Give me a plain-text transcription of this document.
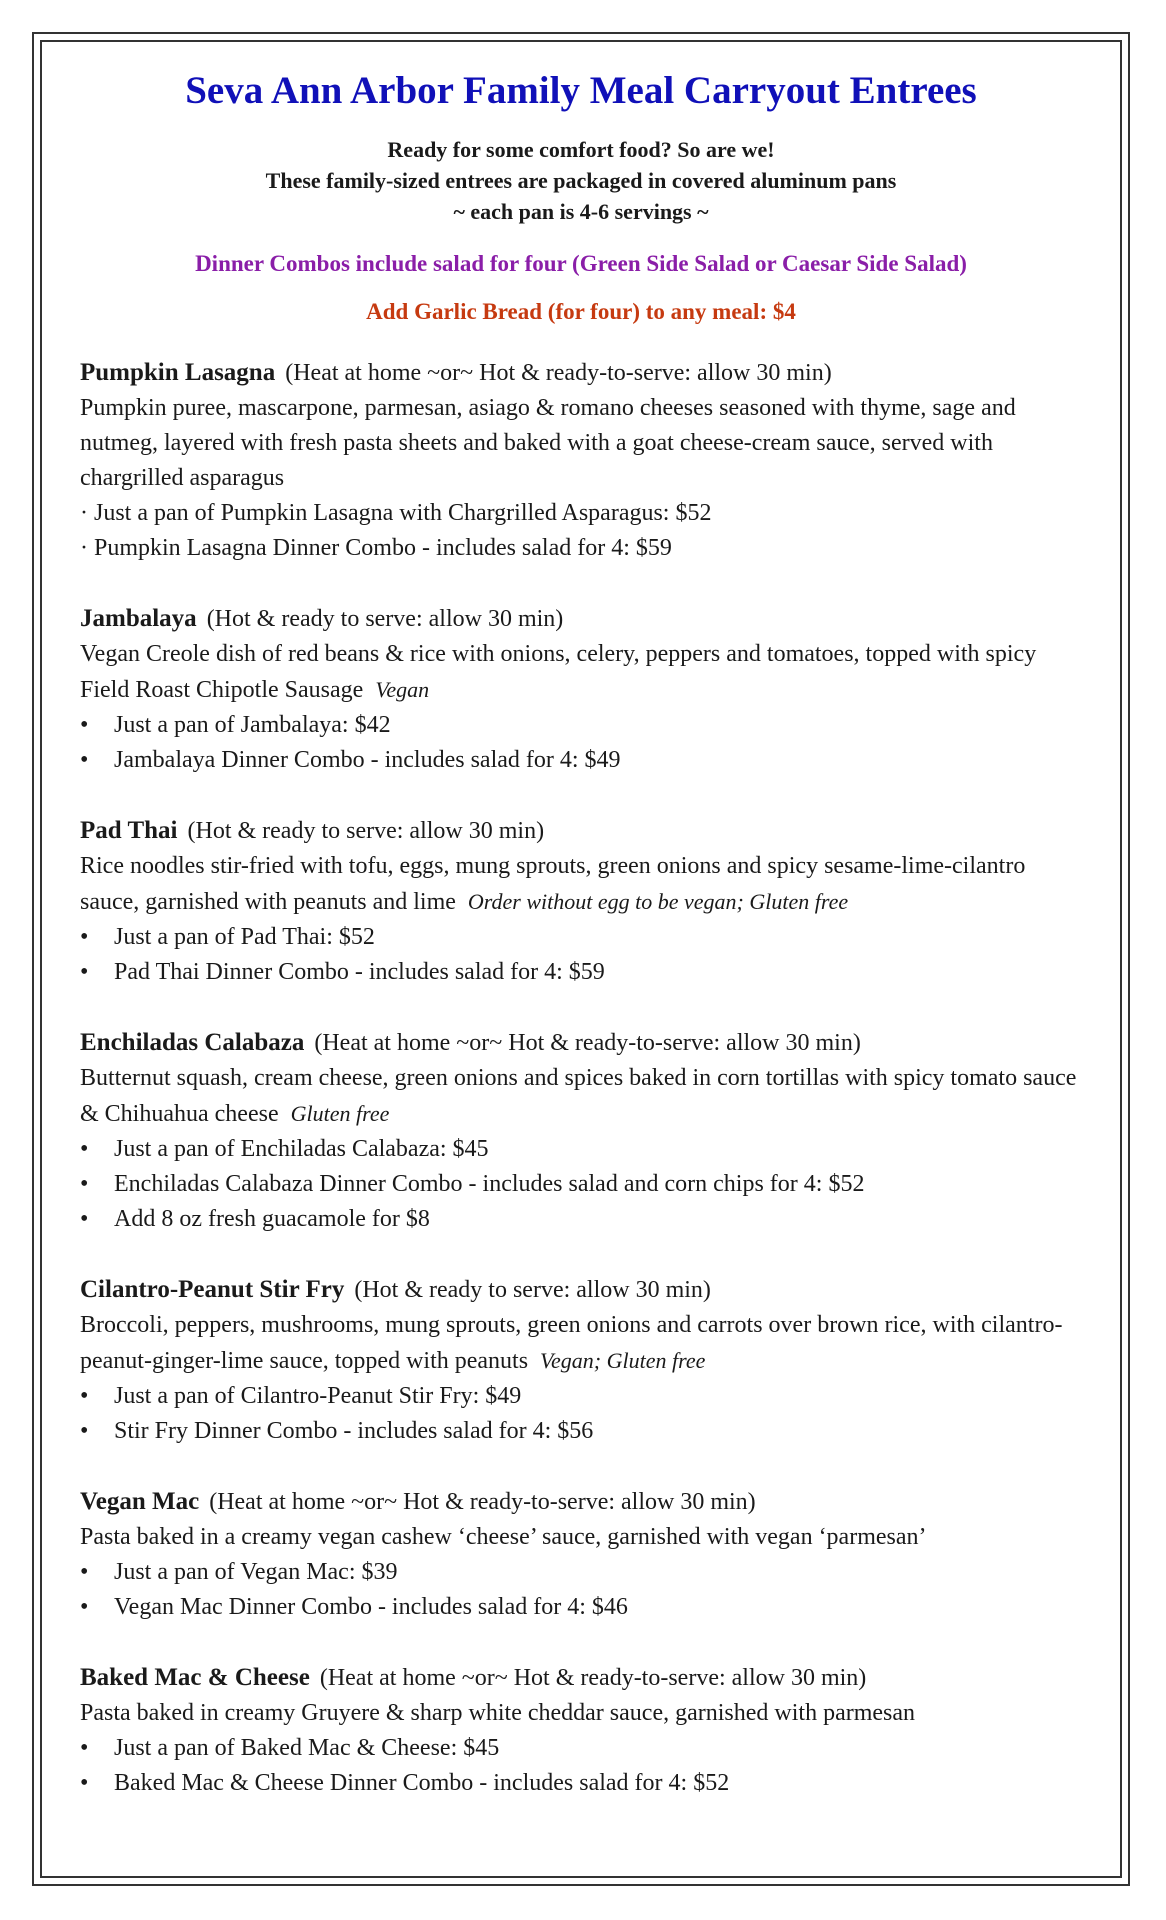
Seva Ann Arbor Family Meal Carryout Entrees
Ready for some comfort food? So are we!
These family-sized entrees are packaged in covered aluminum pans
~ each pan is 4-6 servings ~
Dinner Combos include salad for four (Green Side Salad or Caesar Side Salad)
Add Garlic Bread (for four) to any meal: $4
Pumpkin Lasagna (Heat at home ~or~ Hot & ready-to-serve: allow 30 min)
Pumpkin puree, mascarpone, parmesan, asiago & romano cheeses seasoned with thyme, sage and nutmeg, layered with fresh pasta sheets and baked with a goat cheese-cream sauce, served with chargrilled asparagus
· Just a pan of Pumpkin Lasagna with Chargrilled Asparagus: $52
· Pumpkin Lasagna Dinner Combo - includes salad for 4: $59
Jambalaya (Hot & ready to serve: allow 30 min)
Vegan Creole dish of red beans & rice with onions, celery, peppers and tomatoes, topped with spicy Field Roast Chipotle Sausage Vegan
•	Just a pan of Jambalaya: $42
•	Jambalaya Dinner Combo - includes salad for 4: $49
Pad Thai (Hot & ready to serve: allow 30 min)
Rice noodles stir-fried with tofu, eggs, mung sprouts, green onions and spicy sesame-lime-cilantro sauce, garnished with peanuts and lime Order without egg to be vegan; Gluten free
•	Just a pan of Pad Thai: $52
•	Pad Thai Dinner Combo - includes salad for 4: $59
Enchiladas Calabaza (Heat at home ~or~ Hot & ready-to-serve: allow 30 min)
Butternut squash, cream cheese, green onions and spices baked in corn tortillas with spicy tomato sauce & Chihuahua cheese Gluten free
•	Just a pan of Enchiladas Calabaza: $45
•	Enchiladas Calabaza Dinner Combo - includes salad and corn chips for 4: $52
•	Add 8 oz fresh guacamole for $8
Cilantro-Peanut Stir Fry (Hot & ready to serve: allow 30 min)
Broccoli, peppers, mushrooms, mung sprouts, green onions and carrots over brown rice, with cilantro-peanut-ginger-lime sauce, topped with peanuts Vegan; Gluten free
•	Just a pan of Cilantro-Peanut Stir Fry: $49
•	Stir Fry Dinner Combo - includes salad for 4: $56
Vegan Mac (Heat at home ~or~ Hot & ready-to-serve: allow 30 min)
Pasta baked in a creamy vegan cashew ‘cheese’ sauce, garnished with vegan ‘parmesan’
•	Just a pan of Vegan Mac: $39
•	Vegan Mac Dinner Combo - includes salad for 4: $46
Baked Mac & Cheese (Heat at home ~or~ Hot & ready-to-serve: allow 30 min)
Pasta baked in creamy Gruyere & sharp white cheddar sauce, garnished with parmesan
•	Just a pan of Baked Mac & Cheese: $45
•	Baked Mac & Cheese Dinner Combo - includes salad for 4: $52
